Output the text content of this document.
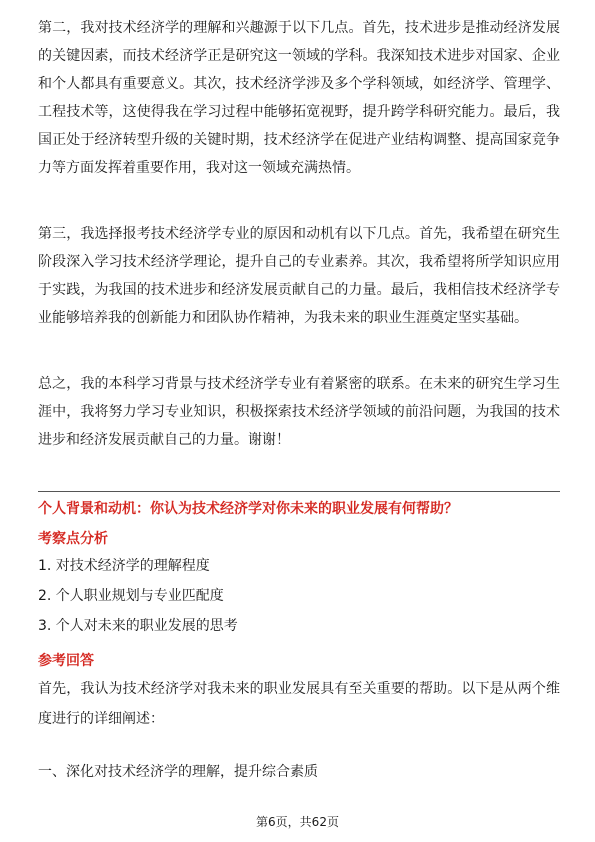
第二，我对技术经济学的理解和兴趣源于以下几点。首先，技术进步是推动经济发展的关键因素，而技术经济学正是研究这一领域的学科。我深知技术进步对国家、企业和个人都具有重要意义。其次，技术经济学涉及多个学科领域，如经济学、管理学、工程技术等，这使得我在学习过程中能够拓宽视野，提升跨学科研究能力。最后，我国正处于经济转型升级的关键时期，技术经济学在促进产业结构调整、提高国家竞争力等方面发挥着重要作用，我对这一领域充满热情。

第三，我选择报考技术经济学专业的原因和动机有以下几点。首先，我希望在研究生阶段深入学习技术经济学理论，提升自己的专业素养。其次，我希望将所学知识应用于实践，为我国的技术进步和经济发展贡献自己的力量。最后，我相信技术经济学专业能够培养我的创新能力和团队协作精神，为我未来的职业生涯奠定坚实基础。

总之，我的本科学习背景与技术经济学专业有着紧密的联系。在未来的研究生学习生涯中，我将努力学习专业知识，积极探索技术经济学领域的前沿问题，为我国的技术进步和经济发展贡献自己的力量。谢谢！

个人背景和动机：你认为技术经济学对你未来的职业发展有何帮助？

考察点分析

1. 对技术经济学的理解程度

2. 个人职业规划与专业匹配度

3. 个人对未来的职业发展的思考

参考回答

首先，我认为技术经济学对我未来的职业发展具有至关重要的帮助。以下是从两个维度进行的详细阐述：

一、深化对技术经济学的理解，提升综合素质

第6页，共62页
